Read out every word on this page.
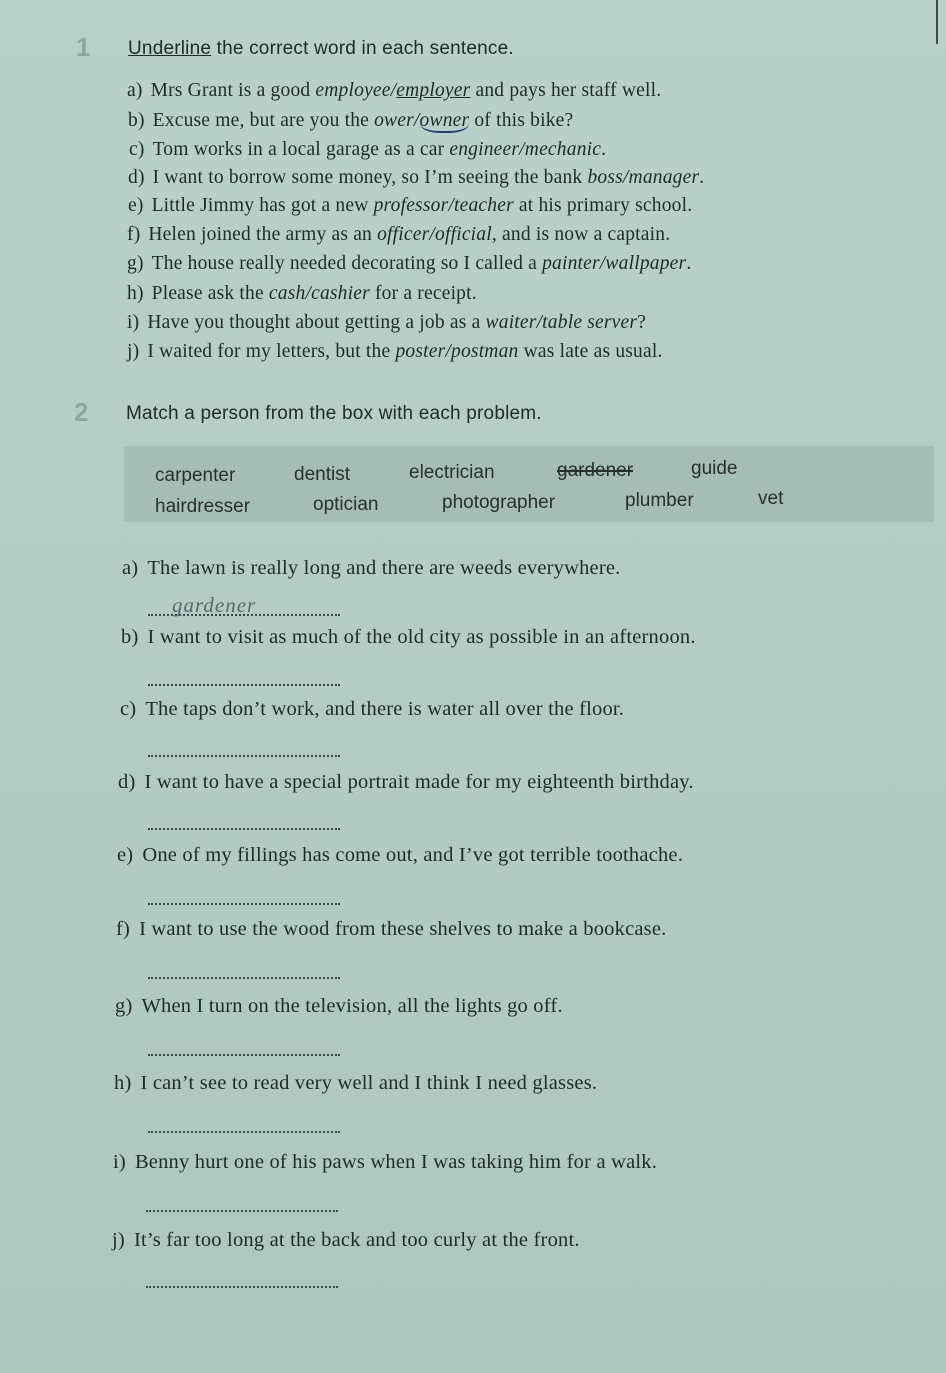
1 Underline the correct word in each sentence.
a) Mrs Grant is a good employee/employer and pays her staff well.
b) Excuse me, but are you the ower/owner of this bike?
c) Tom works in a local garage as a car engineer/mechanic.
d) I want to borrow some money, so I’m seeing the bank boss/manager.
e) Little Jimmy has got a new professor/teacher at his primary school.
f) Helen joined the army as an officer/official, and is now a captain.
g) The house really needed decorating so I called a painter/wallpaper.
h) Please ask the cash/cashier for a receipt.
i) Have you thought about getting a job as a waiter/table server?
j) I waited for my letters, but the poster/postman was late as usual.
2 Match a person from the box with each problem.
carpenter	dentist	electrician	gardener	guide
hairdresser	optician	photographer	plumber	vet
a) The lawn is really long and there are weeds everywhere.
gardener
b) I want to visit as much of the old city as possible in an afternoon.
c) The taps don’t work, and there is water all over the floor.
d) I want to have a special portrait made for my eighteenth birthday.
e) One of my fillings has come out, and I’ve got terrible toothache.
f) I want to use the wood from these shelves to make a bookcase.
g) When I turn on the television, all the lights go off.
h) I can’t see to read very well and I think I need glasses.
i) Benny hurt one of his paws when I was taking him for a walk.
j) It’s far too long at the back and too curly at the front.
